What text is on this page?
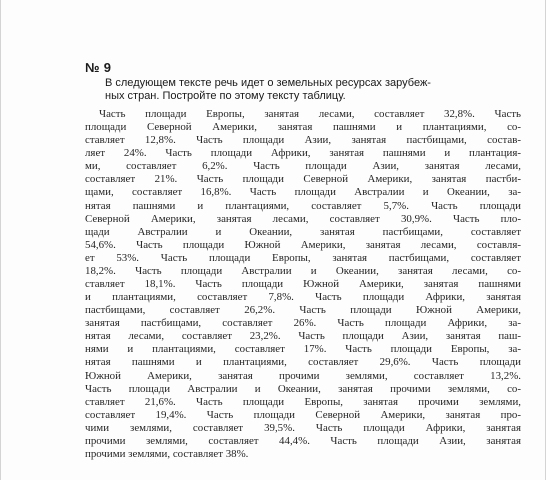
№ 9
В следующем тексте речь идет о земельных ресурсах зарубеж-
ных стран. Постройте по этому тексту таблицу.
Часть площади Европы, занятая лесами, составляет 32,8%. Часть
площади Северной Америки, занятая пашнями и плантациями, со-
ставляет 12,8%. Часть площади Азии, занятая пастбищами, состав-
ляет 24%. Часть площади Африки, занятая пашнями и плантация-
ми, составляет 6,2%. Часть площади Азии, занятая лесами,
составляет 21%. Часть площади Северной Америки, занятая пастби-
щами, составляет 16,8%. Часть площади Австралии и Океании, за-
нятая пашнями и плантациями, составляет 5,7%. Часть площади
Северной Америки, занятая лесами, составляет 30,9%. Часть пло-
щади Австралии и Океании, занятая пастбищами, составляет
54,6%. Часть площади Южной Америки, занятая лесами, составля-
ет 53%. Часть площади Европы, занятая пастбищами, составляет
18,2%. Часть площади Австралии и Океании, занятая лесами, со-
ставляет 18,1%. Часть площади Южной Америки, занятая пашнями
и плантациями, составляет 7,8%. Часть площади Африки, занятая
пастбищами, составляет 26,2%. Часть площади Южной Америки,
занятая пастбищами, составляет 26%. Часть площади Африки, за-
нятая лесами, составляет 23,2%. Часть площади Азии, занятая паш-
нями и плантациями, составляет 17%. Часть площади Европы, за-
нятая пашнями и плантациями, составляет 29,6%. Часть площади
Южной Америки, занятая прочими землями, составляет 13,2%.
Часть площади Австралии и Океании, занятая прочими землями, со-
ставляет 21,6%. Часть площади Европы, занятая прочими землями,
составляет 19,4%. Часть площади Северной Америки, занятая про-
чими землями, составляет 39,5%. Часть площади Африки, занятая
прочими землями, составляет 44,4%. Часть площади Азии, занятая
прочими землями, составляет 38%.
